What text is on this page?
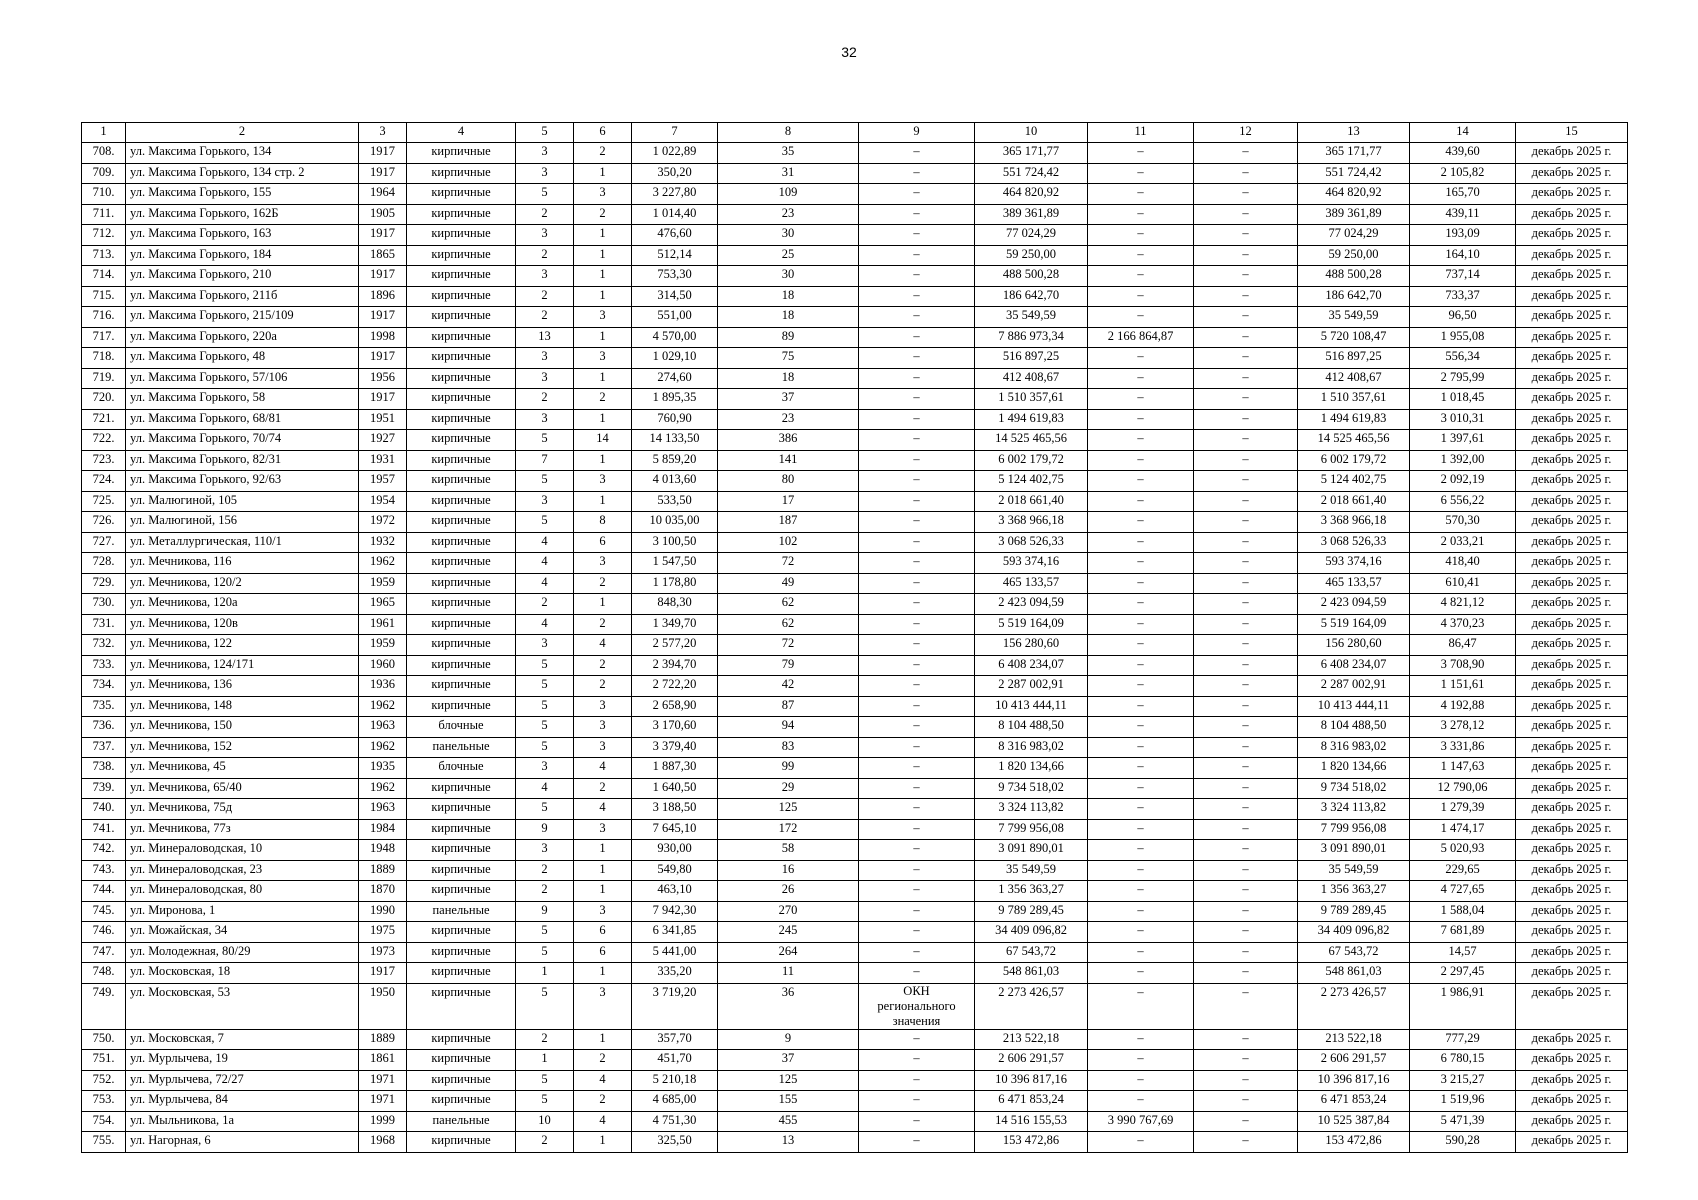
32
1	2	3	4	5	6	7	8	9	10	11	12	13	14	15
708.	ул. Максима Горького, 134	1917	кирпичные	3	2	1 022,89	35	–	365 171,77	–	–	365 171,77	439,60	декабрь 2025 г.
709.	ул. Максима Горького, 134 стр. 2	1917	кирпичные	3	1	350,20	31	–	551 724,42	–	–	551 724,42	2 105,82	декабрь 2025 г.
710.	ул. Максима Горького, 155	1964	кирпичные	5	3	3 227,80	109	–	464 820,92	–	–	464 820,92	165,70	декабрь 2025 г.
711.	ул. Максима Горького, 162Б	1905	кирпичные	2	2	1 014,40	23	–	389 361,89	–	–	389 361,89	439,11	декабрь 2025 г.
712.	ул. Максима Горького, 163	1917	кирпичные	3	1	476,60	30	–	77 024,29	–	–	77 024,29	193,09	декабрь 2025 г.
713.	ул. Максима Горького, 184	1865	кирпичные	2	1	512,14	25	–	59 250,00	–	–	59 250,00	164,10	декабрь 2025 г.
714.	ул. Максима Горького, 210	1917	кирпичные	3	1	753,30	30	–	488 500,28	–	–	488 500,28	737,14	декабрь 2025 г.
715.	ул. Максима Горького, 211б	1896	кирпичные	2	1	314,50	18	–	186 642,70	–	–	186 642,70	733,37	декабрь 2025 г.
716.	ул. Максима Горького, 215/109	1917	кирпичные	2	3	551,00	18	–	35 549,59	–	–	35 549,59	96,50	декабрь 2025 г.
717.	ул. Максима Горького, 220а	1998	кирпичные	13	1	4 570,00	89	–	7 886 973,34	2 166 864,87	–	5 720 108,47	1 955,08	декабрь 2025 г.
718.	ул. Максима Горького, 48	1917	кирпичные	3	3	1 029,10	75	–	516 897,25	–	–	516 897,25	556,34	декабрь 2025 г.
719.	ул. Максима Горького, 57/106	1956	кирпичные	3	1	274,60	18	–	412 408,67	–	–	412 408,67	2 795,99	декабрь 2025 г.
720.	ул. Максима Горького, 58	1917	кирпичные	2	2	1 895,35	37	–	1 510 357,61	–	–	1 510 357,61	1 018,45	декабрь 2025 г.
721.	ул. Максима Горького, 68/81	1951	кирпичные	3	1	760,90	23	–	1 494 619,83	–	–	1 494 619,83	3 010,31	декабрь 2025 г.
722.	ул. Максима Горького, 70/74	1927	кирпичные	5	14	14 133,50	386	–	14 525 465,56	–	–	14 525 465,56	1 397,61	декабрь 2025 г.
723.	ул. Максима Горького, 82/31	1931	кирпичные	7	1	5 859,20	141	–	6 002 179,72	–	–	6 002 179,72	1 392,00	декабрь 2025 г.
724.	ул. Максима Горького, 92/63	1957	кирпичные	5	3	4 013,60	80	–	5 124 402,75	–	–	5 124 402,75	2 092,19	декабрь 2025 г.
725.	ул. Малюгиной, 105	1954	кирпичные	3	1	533,50	17	–	2 018 661,40	–	–	2 018 661,40	6 556,22	декабрь 2025 г.
726.	ул. Малюгиной, 156	1972	кирпичные	5	8	10 035,00	187	–	3 368 966,18	–	–	3 368 966,18	570,30	декабрь 2025 г.
727.	ул. Металлургическая, 110/1	1932	кирпичные	4	6	3 100,50	102	–	3 068 526,33	–	–	3 068 526,33	2 033,21	декабрь 2025 г.
728.	ул. Мечникова, 116	1962	кирпичные	4	3	1 547,50	72	–	593 374,16	–	–	593 374,16	418,40	декабрь 2025 г.
729.	ул. Мечникова, 120/2	1959	кирпичные	4	2	1 178,80	49	–	465 133,57	–	–	465 133,57	610,41	декабрь 2025 г.
730.	ул. Мечникова, 120а	1965	кирпичные	2	1	848,30	62	–	2 423 094,59	–	–	2 423 094,59	4 821,12	декабрь 2025 г.
731.	ул. Мечникова, 120в	1961	кирпичные	4	2	1 349,70	62	–	5 519 164,09	–	–	5 519 164,09	4 370,23	декабрь 2025 г.
732.	ул. Мечникова, 122	1959	кирпичные	3	4	2 577,20	72	–	156 280,60	–	–	156 280,60	86,47	декабрь 2025 г.
733.	ул. Мечникова, 124/171	1960	кирпичные	5	2	2 394,70	79	–	6 408 234,07	–	–	6 408 234,07	3 708,90	декабрь 2025 г.
734.	ул. Мечникова, 136	1936	кирпичные	5	2	2 722,20	42	–	2 287 002,91	–	–	2 287 002,91	1 151,61	декабрь 2025 г.
735.	ул. Мечникова, 148	1962	кирпичные	5	3	2 658,90	87	–	10 413 444,11	–	–	10 413 444,11	4 192,88	декабрь 2025 г.
736.	ул. Мечникова, 150	1963	блочные	5	3	3 170,60	94	–	8 104 488,50	–	–	8 104 488,50	3 278,12	декабрь 2025 г.
737.	ул. Мечникова, 152	1962	панельные	5	3	3 379,40	83	–	8 316 983,02	–	–	8 316 983,02	3 331,86	декабрь 2025 г.
738.	ул. Мечникова, 45	1935	блочные	3	4	1 887,30	99	–	1 820 134,66	–	–	1 820 134,66	1 147,63	декабрь 2025 г.
739.	ул. Мечникова, 65/40	1962	кирпичные	4	2	1 640,50	29	–	9 734 518,02	–	–	9 734 518,02	12 790,06	декабрь 2025 г.
740.	ул. Мечникова, 75д	1963	кирпичные	5	4	3 188,50	125	–	3 324 113,82	–	–	3 324 113,82	1 279,39	декабрь 2025 г.
741.	ул. Мечникова, 77з	1984	кирпичные	9	3	7 645,10	172	–	7 799 956,08	–	–	7 799 956,08	1 474,17	декабрь 2025 г.
742.	ул. Минераловодская, 10	1948	кирпичные	3	1	930,00	58	–	3 091 890,01	–	–	3 091 890,01	5 020,93	декабрь 2025 г.
743.	ул. Минераловодская, 23	1889	кирпичные	2	1	549,80	16	–	35 549,59	–	–	35 549,59	229,65	декабрь 2025 г.
744.	ул. Минераловодская, 80	1870	кирпичные	2	1	463,10	26	–	1 356 363,27	–	–	1 356 363,27	4 727,65	декабрь 2025 г.
745.	ул. Миронова, 1	1990	панельные	9	3	7 942,30	270	–	9 789 289,45	–	–	9 789 289,45	1 588,04	декабрь 2025 г.
746.	ул. Можайская, 34	1975	кирпичные	5	6	6 341,85	245	–	34 409 096,82	–	–	34 409 096,82	7 681,89	декабрь 2025 г.
747.	ул. Молодежная, 80/29	1973	кирпичные	5	6	5 441,00	264	–	67 543,72	–	–	67 543,72	14,57	декабрь 2025 г.
748.	ул. Московская, 18	1917	кирпичные	1	1	335,20	11	–	548 861,03	–	–	548 861,03	2 297,45	декабрь 2025 г.
749.	ул. Московская, 53	1950	кирпичные	5	3	3 719,20	36	ОКН регионального значения	2 273 426,57	–	–	2 273 426,57	1 986,91	декабрь 2025 г.
750.	ул. Московская, 7	1889	кирпичные	2	1	357,70	9	–	213 522,18	–	–	213 522,18	777,29	декабрь 2025 г.
751.	ул. Мурлычева, 19	1861	кирпичные	1	2	451,70	37	–	2 606 291,57	–	–	2 606 291,57	6 780,15	декабрь 2025 г.
752.	ул. Мурлычева, 72/27	1971	кирпичные	5	4	5 210,18	125	–	10 396 817,16	–	–	10 396 817,16	3 215,27	декабрь 2025 г.
753.	ул. Мурлычева, 84	1971	кирпичные	5	2	4 685,00	155	–	6 471 853,24	–	–	6 471 853,24	1 519,96	декабрь 2025 г.
754.	ул. Мыльникова, 1а	1999	панельные	10	4	4 751,30	455	–	14 516 155,53	3 990 767,69	–	10 525 387,84	5 471,39	декабрь 2025 г.
755.	ул. Нагорная, 6	1968	кирпичные	2	1	325,50	13	–	153 472,86	–	–	153 472,86	590,28	декабрь 2025 г.
